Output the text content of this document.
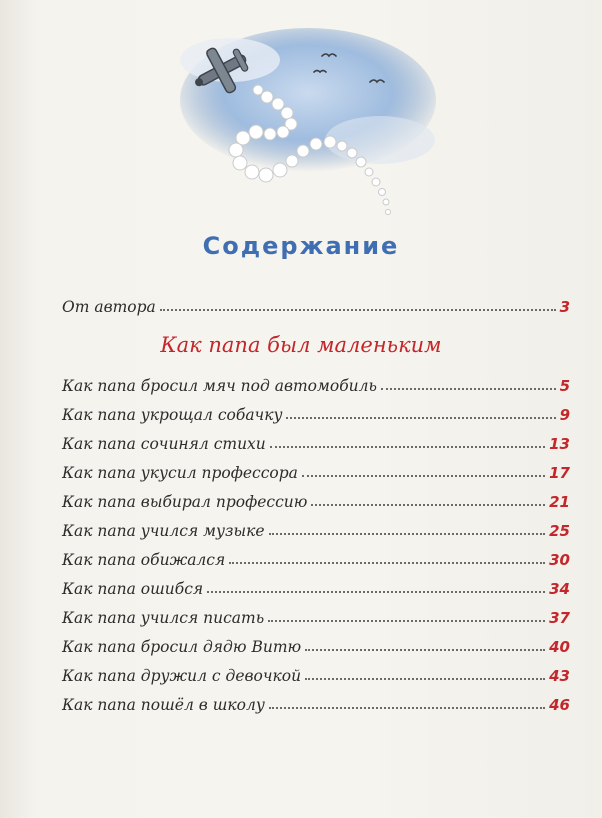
Содержание
От автора	3
Как папа был маленьким
Как папа бросил мяч под автомобиль	5
Как папа укрощал собачку	9
Как папа сочинял стихи	13
Как папа укусил профессора	17
Как папа выбирал профессию	21
Как папа учился музыке	25
Как папа обижался	30
Как папа ошибся	34
Как папа учился писать	37
Как папа бросил дядю Витю	40
Как папа дружил с девочкой	43
Как папа пошёл в школу	46
